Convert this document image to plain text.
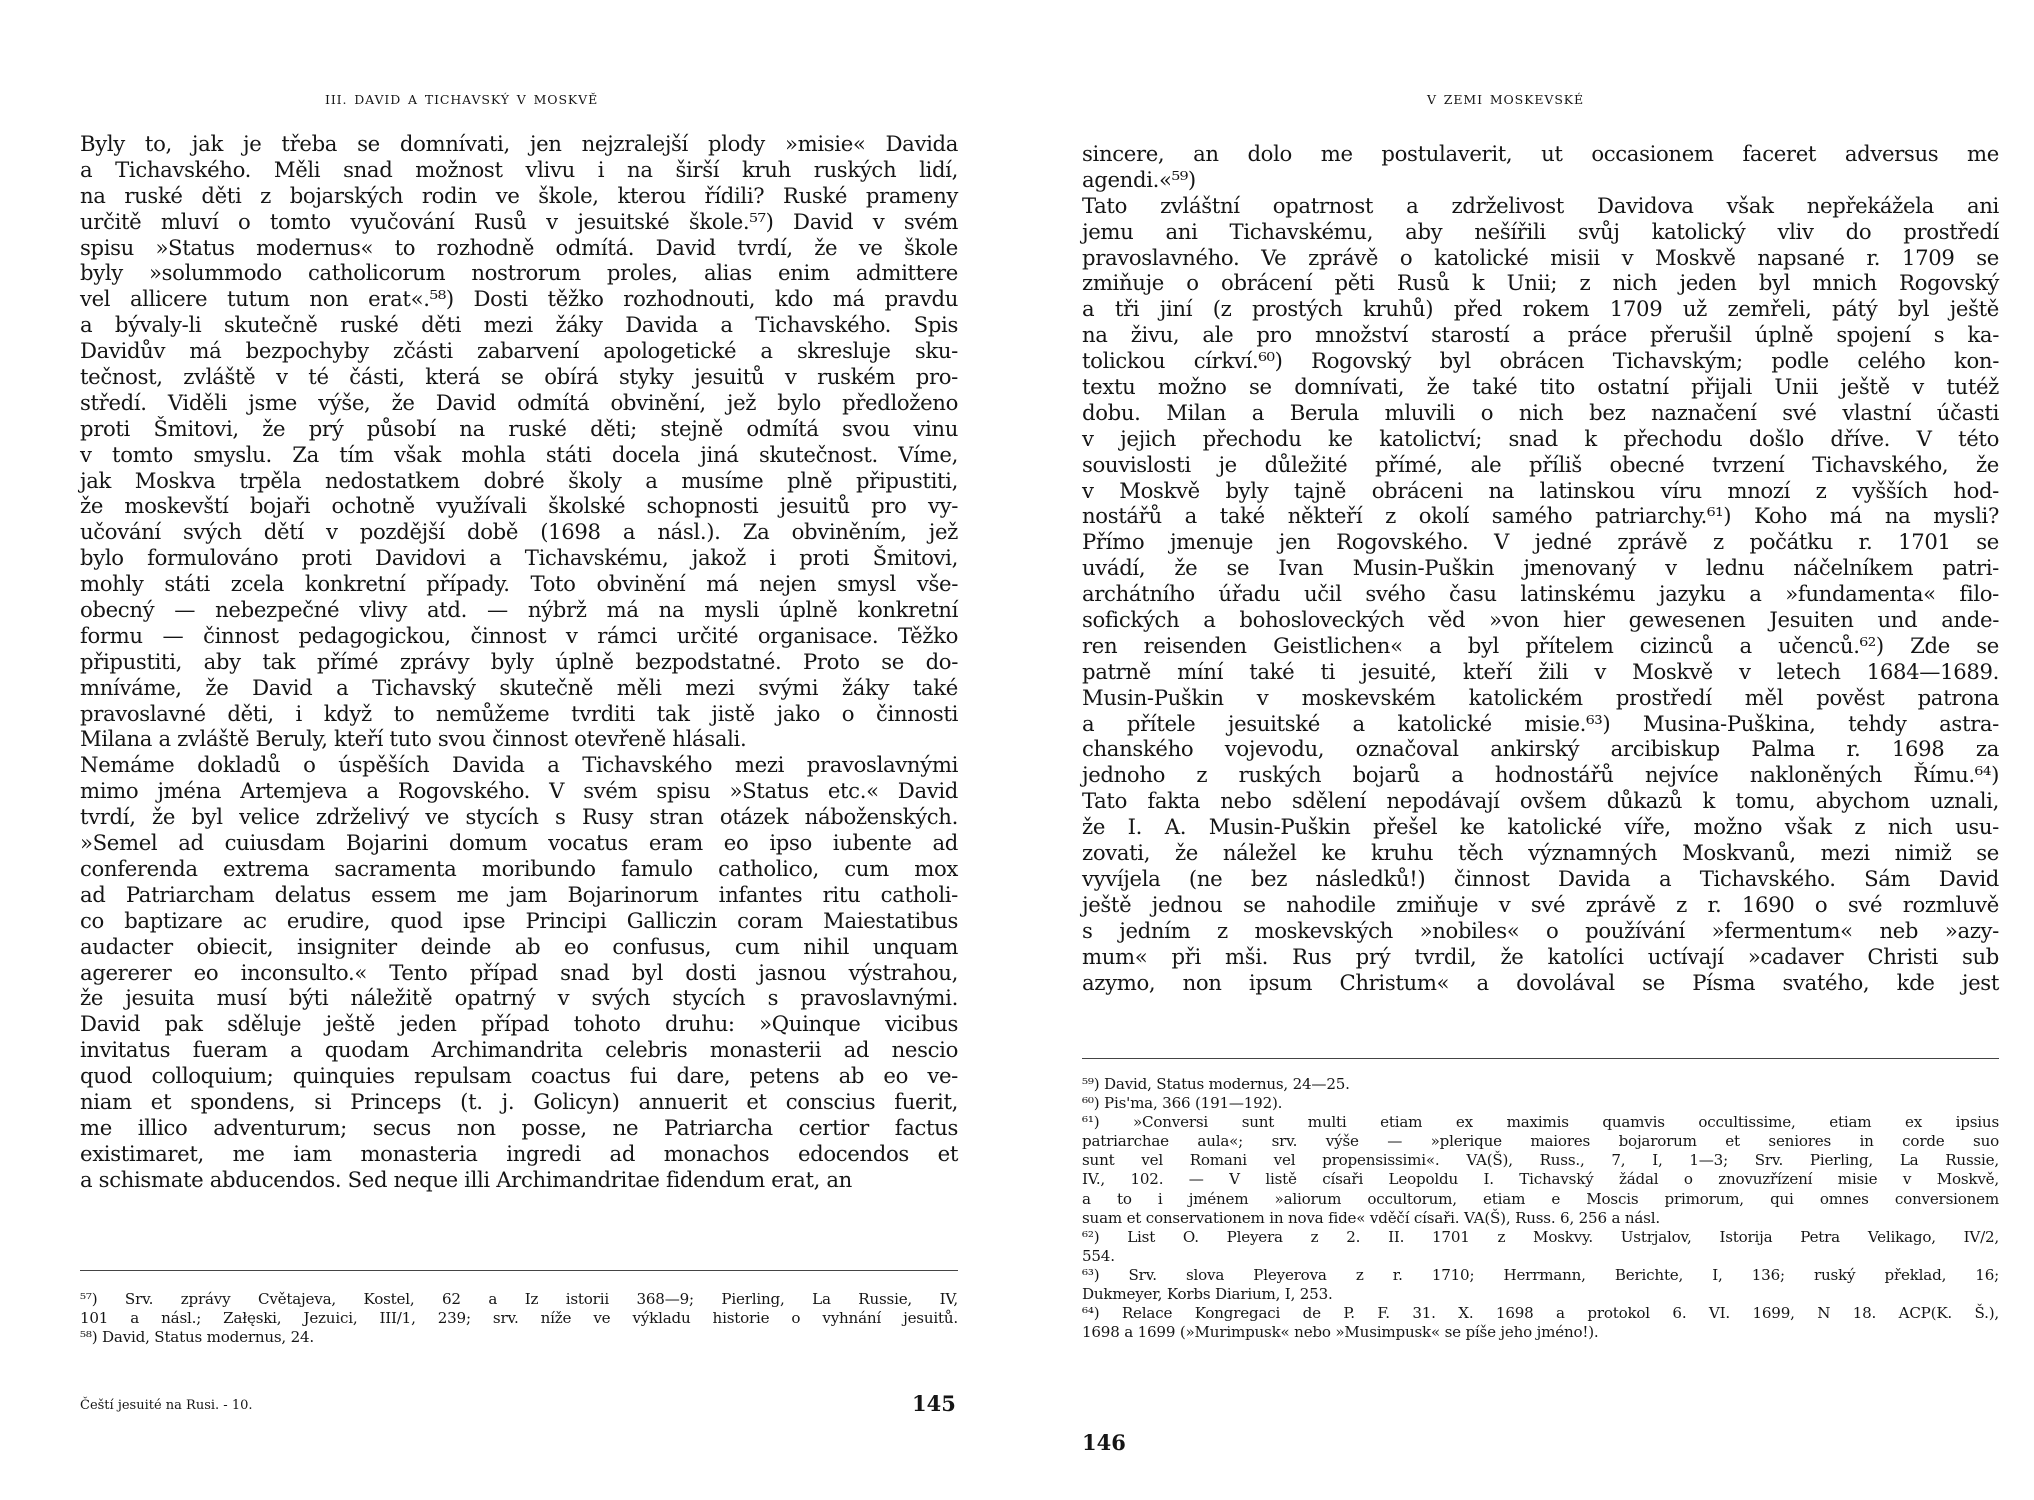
III. DAVID A TICHAVSKÝ V MOSKVĚ
Byly to, jak je třeba se domnívati, jen nejzralejší plody »misie« Davida
a Tichavského. Měli snad možnost vlivu i na širší kruh ruských lidí,
na ruské děti z bojarských rodin ve škole, kterou řídili? Ruské prameny
určitě mluví o tomto vyučování Rusů v jesuitské škole.⁵⁷) David v svém
spisu »Status modernus« to rozhodně odmítá. David tvrdí, že ve škole
byly »solummodo catholicorum nostrorum proles, alias enim admittere
vel allicere tutum non erat«.⁵⁸) Dosti těžko rozhodnouti, kdo má pravdu
a bývaly-li skutečně ruské děti mezi žáky Davida a Tichavského. Spis
Davidův má bezpochyby zčásti zabarvení apologetické a skresluje sku-
tečnost, zvláště v té části, která se obírá styky jesuitů v ruském pro-
středí. Viděli jsme výše, že David odmítá obvinění, jež bylo předloženo
proti Šmitovi, že prý působí na ruské děti; stejně odmítá svou vinu
v tomto smyslu. Za tím však mohla státi docela jiná skutečnost. Víme,
jak Moskva trpěla nedostatkem dobré školy a musíme plně připustiti,
že moskevští bojaři ochotně využívali školské schopnosti jesuitů pro vy-
učování svých dětí v pozdější době (1698 a násl.). Za obviněním, jež
bylo formulováno proti Davidovi a Tichavskému, jakož i proti Šmitovi,
mohly státi zcela konkretní případy. Toto obvinění má nejen smysl vše-
obecný — nebezpečné vlivy atd. — nýbrž má na mysli úplně konkretní
formu — činnost pedagogickou, činnost v rámci určité organisace. Těžko
připustiti, aby tak přímé zprávy byly úplně bezpodstatné. Proto se do-
mníváme, že David a Tichavský skutečně měli mezi svými žáky také
pravoslavné děti, i když to nemůžeme tvrditi tak jistě jako o činnosti
Milana a zvláště Beruly, kteří tuto svou činnost otevřeně hlásali.
Nemáme dokladů o úspěších Davida a Tichavského mezi pravoslavnými
mimo jména Artemjeva a Rogovského. V svém spisu »Status etc.« David
tvrdí, že byl velice zdrželivý ve stycích s Rusy stran otázek náboženských.
»Semel ad cuiusdam Bojarini domum vocatus eram eo ipso iubente ad
conferenda extrema sacramenta moribundo famulo catholico, cum mox
ad Patriarcham delatus essem me jam Bojarinorum infantes ritu catholi-
co baptizare ac erudire, quod ipse Principi Galliczin coram Maiestatibus
audacter obiecit, insigniter deinde ab eo confusus, cum nihil unquam
agererer eo inconsulto.« Tento případ snad byl dosti jasnou výstrahou,
že jesuita musí býti náležitě opatrný v svých stycích s pravoslavnými.
David pak sděluje ještě jeden případ tohoto druhu: »Quinque vicibus
invitatus fueram a quodam Archimandrita celebris monasterii ad nescio
quod colloquium; quinquies repulsam coactus fui dare, petens ab eo ve-
niam et spondens, si Princeps (t. j. Golicyn) annuerit et conscius fuerit,
me illico adventurum; secus non posse, ne Patriarcha certior factus
existimaret, me iam monasteria ingredi ad monachos edocendos et
a schismate abducendos. Sed neque illi Archimandritae fidendum erat, an
⁵⁷) Srv. zprávy Cvětajeva, Kostel, 62 a Iz istorii 368—9; Pierling, La Russie, IV,
101 a násl.; Załęski, Jezuici, III/1, 239; srv. níže ve výkladu historie o vyhnání jesuitů.
⁵⁸) David, Status modernus, 24.
Čeští jesuité na Rusi. - 10.	145
V ZEMI MOSKEVSKÉ
sincere, an dolo me postulaverit, ut occasionem faceret adversus me
agendi.«⁵⁹)
Tato zvláštní opatrnost a zdrželivost Davidova však nepřekážela ani
jemu ani Tichavskému, aby nešířili svůj katolický vliv do prostředí
pravoslavného. Ve zprávě o katolické misii v Moskvě napsané r. 1709 se
zmiňuje o obrácení pěti Rusů k Unii; z nich jeden byl mnich Rogovský
a tři jiní (z prostých kruhů) před rokem 1709 už zemřeli, pátý byl ještě
na živu, ale pro množství starostí a práce přerušil úplně spojení s ka-
tolickou církví.⁶⁰) Rogovský byl obrácen Tichavským; podle celého kon-
textu možno se domnívati, že také tito ostatní přijali Unii ještě v tutéž
dobu. Milan a Berula mluvili o nich bez naznačení své vlastní účasti
v jejich přechodu ke katolictví; snad k přechodu došlo dříve. V této
souvislosti je důležité přímé, ale příliš obecné tvrzení Tichavského, že
v Moskvě byly tajně obráceni na latinskou víru mnozí z vyšších hod-
nostářů a také někteří z okolí samého patriarchy.⁶¹) Koho má na mysli?
Přímo jmenuje jen Rogovského. V jedné zprávě z počátku r. 1701 se
uvádí, že se Ivan Musin-Puškin jmenovaný v lednu náčelníkem patri-
archátního úřadu učil svého času latinskému jazyku a »fundamenta« filo-
sofických a bohosloveckých věd »von hier gewesenen Jesuiten und ande-
ren reisenden Geistlichen« a byl přítelem cizinců a učenců.⁶²) Zde se
patrně míní také ti jesuité, kteří žili v Moskvě v letech 1684—1689.
Musin-Puškin v moskevském katolickém prostředí měl pověst patrona
a přítele jesuitské a katolické misie.⁶³) Musina-Puškina, tehdy astra-
chanského vojevodu, označoval ankirský arcibiskup Palma r. 1698 za
jednoho z ruských bojarů a hodnostářů nejvíce nakloněných Římu.⁶⁴)
Tato fakta nebo sdělení nepodávají ovšem důkazů k tomu, abychom uznali,
že I. A. Musin-Puškin přešel ke katolické víře, možno však z nich usu-
zovati, že náležel ke kruhu těch významných Moskvanů, mezi nimiž se
vyvíjela (ne bez následků!) činnost Davida a Tichavského. Sám David
ještě jednou se nahodile zmiňuje v své zprávě z r. 1690 o své rozmluvě
s jedním z moskevských »nobiles« o používání »fermentum« neb »azy-
mum« při mši. Rus prý tvrdil, že katolíci uctívají »cadaver Christi sub
azymo, non ipsum Christum« a dovolával se Písma svatého, kde jest
⁵⁹) David, Status modernus, 24—25.
⁶⁰) Pis'ma, 366 (191—192).
⁶¹) »Conversi sunt multi etiam ex maximis quamvis occultissime, etiam ex ipsius
patriarchae aula«; srv. výše — »plerique maiores bojarorum et seniores in corde suo
sunt vel Romani vel propensissimi«. VA(Š), Russ., 7, I, 1—3; Srv. Pierling, La Russie,
IV., 102. — V listě císaři Leopoldu I. Tichavský žádal o znovuzřízení misie v Moskvě,
a to i jménem »aliorum occultorum, etiam e Moscis primorum, qui omnes conversionem
suam et conservationem in nova fide« vděčí císaři. VA(Š), Russ. 6, 256 a násl.
⁶²) List O. Pleyera z 2. II. 1701 z Moskvy. Ustrjalov, Istorija Petra Velikago, IV/2,
554.
⁶³) Srv. slova Pleyerova z r. 1710; Herrmann, Berichte, I, 136; ruský překlad, 16;
Dukmeyer, Korbs Diarium, I, 253.
⁶⁴) Relace Kongregaci de P. F. 31. X. 1698 a protokol 6. VI. 1699, N 18. ACP(K. Š.),
1698 a 1699 (»Murimpusk« nebo »Musimpusk« se píše jeho jméno!).
146
